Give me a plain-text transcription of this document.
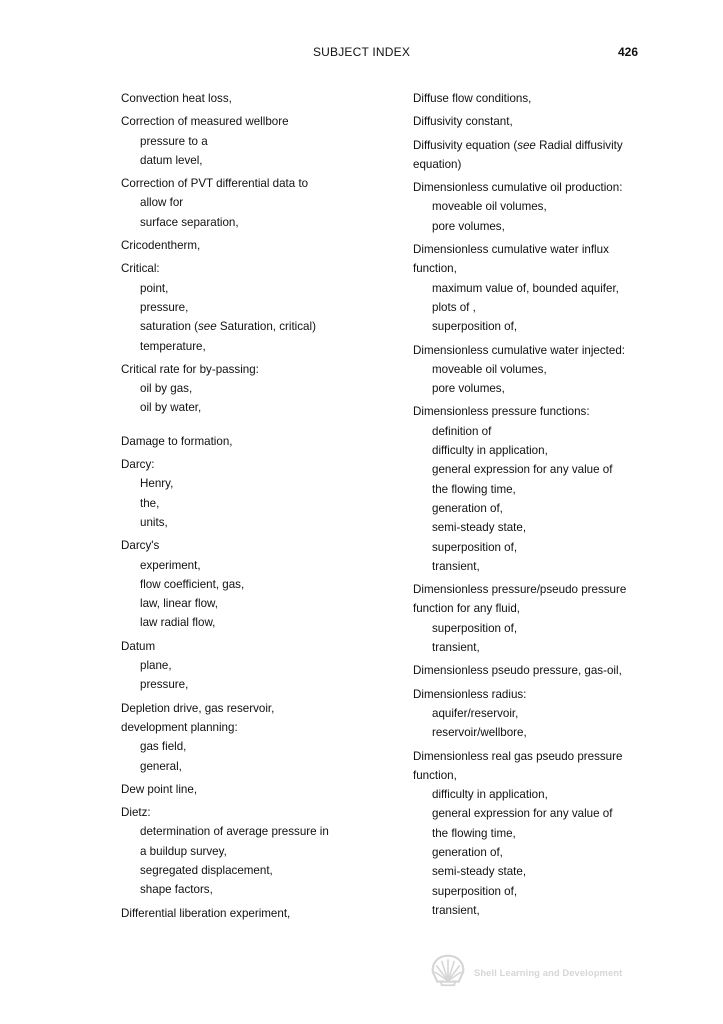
SUBJECT INDEX	426
Convection heat loss,
Correction of measured wellbore
pressure to a
datum level,
Correction of PVT differential data to
allow for
surface separation,
Cricodentherm,
Critical:
point,
pressure,
saturation (see Saturation, critical)
temperature,
Critical rate for by-passing:
oil by gas,
oil by water,
Damage to formation,
Darcy:
Henry,
the,
units,
Darcy's
experiment,
flow coefficient, gas,
law, linear flow,
law radial flow,
Datum
plane,
pressure,
Depletion drive, gas reservoir,
development planning:
gas field,
general,
Dew point line,
Dietz:
determination of average pressure in
a buildup survey,
segregated displacement,
shape factors,
Differential liberation experiment,
Diffuse flow conditions,
Diffusivity constant,
Diffusivity equation (see Radial diffusivity
equation)
Dimensionless cumulative oil production:
moveable oil volumes,
pore volumes,
Dimensionless cumulative water influx
function,
maximum value of, bounded aquifer,
plots of ,
superposition of,
Dimensionless cumulative water injected:
moveable oil volumes,
pore volumes,
Dimensionless pressure functions:
definition of
difficulty in application,
general expression for any value of
the flowing time,
generation of,
semi-steady state,
superposition of,
transient,
Dimensionless pressure/pseudo pressure
function for any fluid,
superposition of,
transient,
Dimensionless pseudo pressure, gas-oil,
Dimensionless radius:
aquifer/reservoir,
reservoir/wellbore,
Dimensionless real gas pseudo pressure
function,
difficulty in application,
general expression for any value of
the flowing time,
generation of,
semi-steady state,
superposition of,
transient,
Shell Learning and Development
